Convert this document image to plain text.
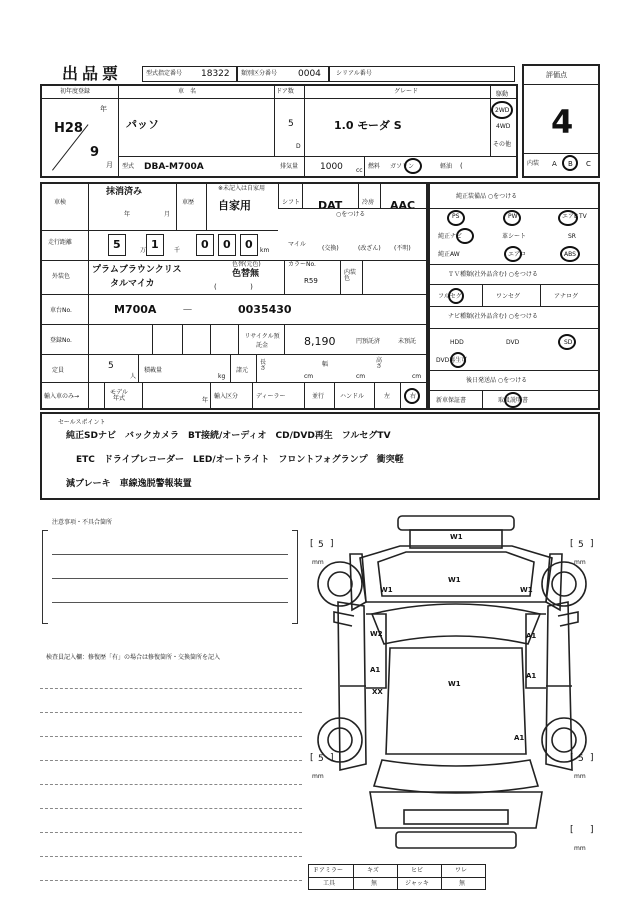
出品票	型式指定番号 18322 類別区分番号 0004	シリアル番号	評価点
4
内装 A B C
初年度登録
H28
年
9
月
車　名
パッソ
ドア数
5
D
グレード
1.0 モーダ S
駆動
2WD
4WD
その他
型式 DBA-M700A	排気量 1000 cc
燃料 ガソリン	軽油 (
車検
抹消済み
年	月
車歴
※未記入は自家用
自家用	シフト DAT	冷房 AAC
○をつける
走行距離
万	千	km
マイル
(交換)	(改ざん) (不明)
外装色
プラムブラウンクリス
タルマイカ
色替(元色)
色替無
(               )
カラーNo.
R59
内装色
車台No.	M700A －	0035430
登録No.
リサイクル預託金	8,190	円預託済	未預託
定員	5
人
積載量
kg
諸元
長さ
cm
幅
cm
高さ
cm
輸入車のみ→
モデル年式	年
輸入区分	ディーラー	並行	ハンドル	左	右
5	1	0 0 0
純正装備品 ○をつける
PS	PW	エアB TV
純正ナビ	革シート	SR
純正AW	エアロ	ABS
ＴＶ種類(社外品含む) ○をつける
フルセグ	ワンセグ	アナログ
ナビ種類(社外品含む) ○をつける
HDD	DVD	SD
DVD再生可
後日発送品 ○をつける
新車保証書	取扱説明書
セールスポイント
純正SDナビ　バックカメラ　BT接続/オーディオ　CD/DVD再生　フルセグTV
ETC　ドライブレコーダー　LED/オートライト　フロントフォグランプ　衝突軽
減ブレーキ　車線逸脱警報装置
注意事項・不具合箇所
検査員記入欄：修復歴「有」の場合は修復箇所・交換箇所を記入
W1
W1
W1
W2	A1
A1
XX
W1
A1
A1
W1
[ 5 ]
mm
[ 5 ]
mm
[ 5 ]
mm
[ 5 ]
mm
[ ]
mm
Ｆアミラー	キズ	ヒビ	ワレ
工具	無	ジャッキ	無
